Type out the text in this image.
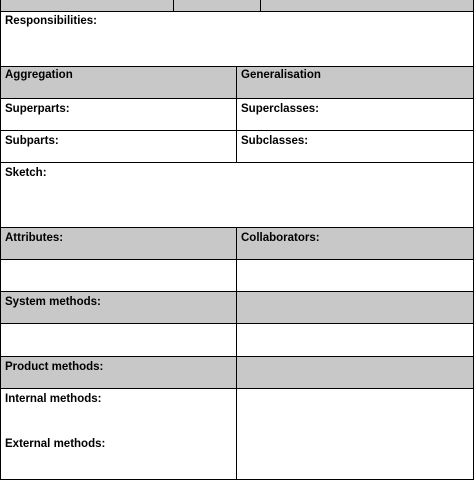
Responsibilities:
Aggregation	Generalisation
Superparts:	Superclasses:
Subparts:	Subclasses:
Sketch:
Attributes:	Collaborators:
System methods:
Product methods:
Internal methods:
External methods:
